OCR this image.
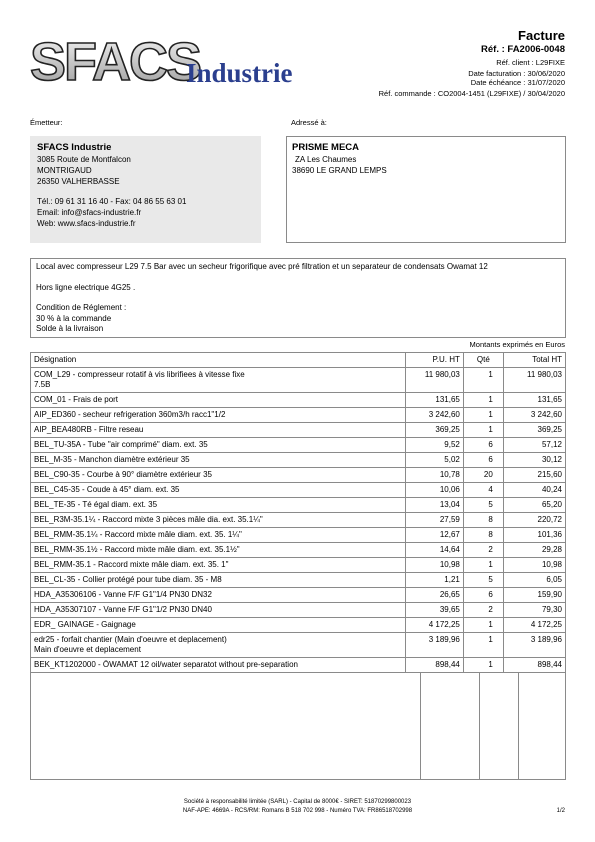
SFACS
Industrie
Facture
Réf. : FA2006-0048
Réf. client : L29FIXE
Date facturation : 30/06/2020
Date échéance : 31/07/2020
Réf. commande : CO2004-1451 (L29FIXE) / 30/04/2020
Émetteur:
SFACS Industrie
3085 Route de Montfalcon
MONTRIGAUD
26350 VALHERBASSE
Tél.: 09 61 31 16 40 - Fax: 04 86 55 63 01
Email: info@sfacs-industrie.fr
Web: www.sfacs-industrie.fr
Adressé à:
PRISME MECA
ZA Les Chaumes
38690 LE GRAND LEMPS

Local avec compresseur L29 7.5 Bar avec un secheur frigorifique avec pré filtration et un separateur de condensats Owamat 12

Hors ligne electrique 4G25 .

Condition de Réglement :

30 % à la commande

Solde à la livraison

Montants exprimés en Euros
Désignation	P.U. HT	Qté	Total HT

COM_L29 - compresseur rotatif à vis librifiees à vitesse fixe
7.5B	11 980,03	1	11 980,03

COM_01 - Frais de port	131,65	1	131,65

AIP_ED360 - secheur refrigeration 360m3/h racc1"1/2	3 242,60	1	3 242,60

AIP_BEA480RB - Filtre reseau	369,25	1	369,25

BEL_TU-35A - Tube "air comprimé" diam. ext. 35	9,52	6	57,12

BEL_M-35 - Manchon diamètre extérieur 35	5,02	6	30,12

BEL_C90-35 - Courbe à 90° diamètre extérieur 35	10,78	20	215,60

BEL_C45-35 - Coude à 45° diam. ext. 35	10,06	4	40,24

BEL_TE-35 - Té égal diam. ext. 35	13,04	5	65,20

BEL_R3M-35.1¼ - Raccord mixte 3 pièces mâle dia. ext. 35.1¼"	27,59	8	220,72

BEL_RMM-35.1¼ - Raccord mixte mâle diam. ext. 35. 1¼"	12,67	8	101,36

BEL_RMM-35.1½ - Raccord mixte mâle diam. ext. 35.1½"	14,64	2	29,28

BEL_RMM-35.1 - Raccord mixte mâle diam. ext. 35. 1"	10,98	1	10,98

BEL_CL-35 - Collier protégé pour tube diam. 35 - M8	1,21	5	6,05

HDA_A35306106 - Vanne F/F G1"1/4 PN30 DN32	26,65	6	159,90

HDA_A35307107 - Vanne F/F G1"1/2 PN30 DN40	39,65	2	79,30

EDR_ GAINAGE - Gaignage	4 172,25	1	4 172,25

edr25 - forfait chantier (Main d'oeuvre et deplacement)
Main d'oeuvre et deplacement	3 189,96	1	3 189,96

BEK_KT1202000 - ÖWAMAT 12 oil/water separatot without pre-separation	898,44	1	898,44
Société à responsabilité limitée (SARL) - Capital de 8000€ - SIRET: 51870299800023
NAF-APE: 4669A - RCS/RM: Romans B 518 702 998 - Numéro TVA: FR86518702998	1/2
